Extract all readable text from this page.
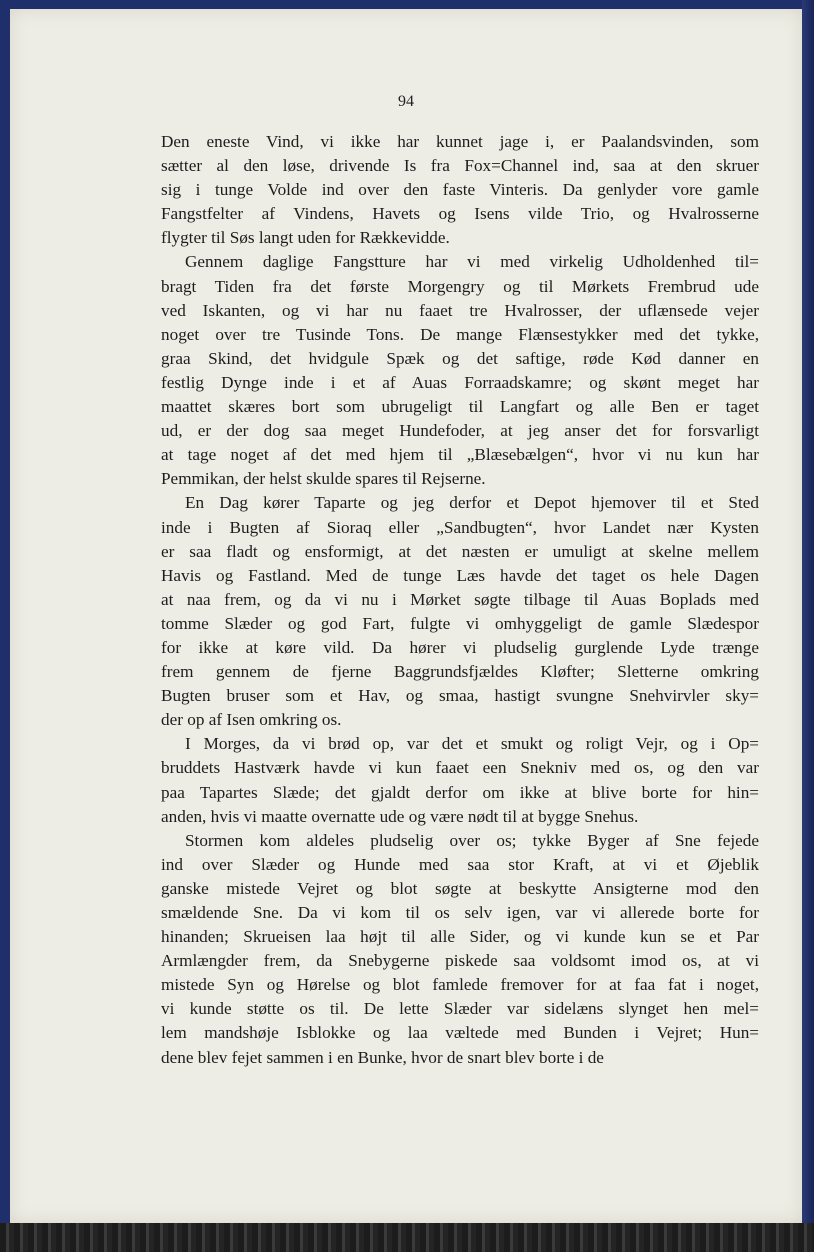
94
Den eneste Vind, vi ikke har kunnet jage i, er Paalandsvinden, som
sætter al den løse, drivende Is fra Fox=Channel ind, saa at den skruer
sig i tunge Volde ind over den faste Vinteris. Da genlyder vore gamle
Fangstfelter af Vindens, Havets og Isens vilde Trio, og Hvalrosserne
flygter til Søs langt uden for Rækkevidde.
Gennem daglige Fangstture har vi med virkelig Udholdenhed til=
bragt Tiden fra det første Morgengry og til Mørkets Frembrud ude
ved Iskanten, og vi har nu faaet tre Hvalrosser, der uflænsede vejer
noget over tre Tusinde Tons. De mange Flænsestykker med det tykke,
graa Skind, det hvidgule Spæk og det saftige, røde Kød danner en
festlig Dynge inde i et af Auas Forraadskamre; og skønt meget har
maattet skæres bort som ubrugeligt til Langfart og alle Ben er taget
ud, er der dog saa meget Hundefoder, at jeg anser det for forsvarligt
at tage noget af det med hjem til „Blæsebælgen“, hvor vi nu kun har
Pemmikan, der helst skulde spares til Rejserne.
En Dag kører Taparte og jeg derfor et Depot hjemover til et Sted
inde i Bugten af Sioraq eller „Sandbugten“, hvor Landet nær Kysten
er saa fladt og ensformigt, at det næsten er umuligt at skelne mellem
Havis og Fastland. Med de tunge Læs havde det taget os hele Dagen
at naa frem, og da vi nu i Mørket søgte tilbage til Auas Boplads med
tomme Slæder og god Fart, fulgte vi omhyggeligt de gamle Slædespor
for ikke at køre vild. Da hører vi pludselig gurglende Lyde trænge
frem gennem de fjerne Baggrundsfjældes Kløfter; Sletterne omkring
Bugten bruser som et Hav, og smaa, hastigt svungne Snehvirvler sky=
der op af Isen omkring os.
I Morges, da vi brød op, var det et smukt og roligt Vejr, og i Op=
bruddets Hastværk havde vi kun faaet een Snekniv med os, og den var
paa Tapartes Slæde; det gjaldt derfor om ikke at blive borte for hin=
anden, hvis vi maatte overnatte ude og være nødt til at bygge Snehus.
Stormen kom aldeles pludselig over os; tykke Byger af Sne fejede
ind over Slæder og Hunde med saa stor Kraft, at vi et Øjeblik
ganske mistede Vejret og blot søgte at beskytte Ansigterne mod den
smældende Sne. Da vi kom til os selv igen, var vi allerede borte for
hinanden; Skrueisen laa højt til alle Sider, og vi kunde kun se et Par
Armlængder frem, da Snebygerne piskede saa voldsomt imod os, at vi
mistede Syn og Hørelse og blot famlede fremover for at faa fat i noget,
vi kunde støtte os til. De lette Slæder var sidelæns slynget hen mel=
lem mandshøje Isblokke og laa væltede med Bunden i Vejret; Hun=
dene blev fejet sammen i en Bunke, hvor de snart blev borte i de
